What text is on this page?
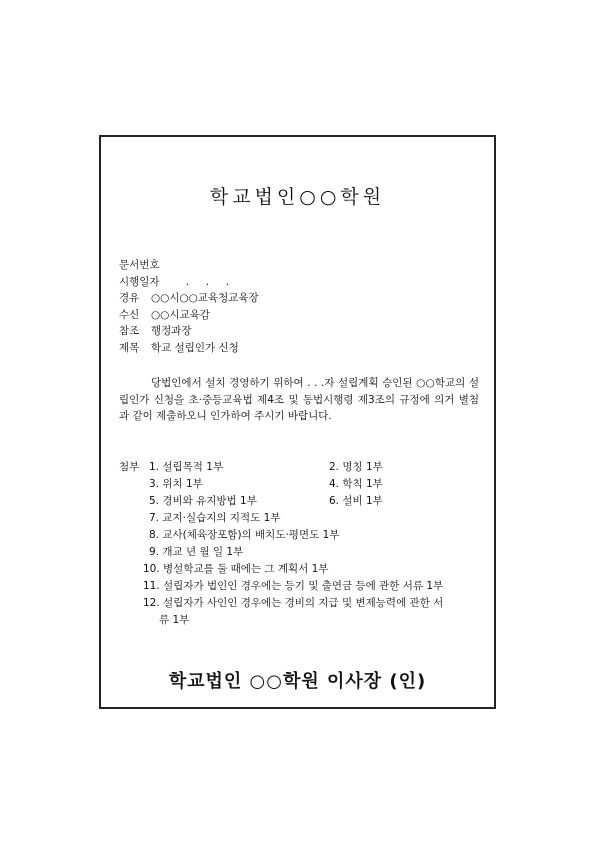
학교법인○○학원
문서번호
시행일자     .     .     .
경유 ○○시○○교육청교육장
수신 ○○시교육감
참조 행정과장
제목 학교 설립인가 신청
당법인에서 설치 경영하기 위하여 . . .자 설립계획 승인된 ○○학교의 설립인가 신청을 초·중등교육법 제4조 및 동법시행령 제3조의 규정에 의거 별첨과 같이 제출하오니 인가하여 주시기 바랍니다.
첨부 1. 설립목적 1부	2. 명칭 1부
3. 위치 1부	4. 학칙 1부
5. 경비와 유지방법 1부	6. 설비 1부
7. 교지·실습지의 지적도 1부
8. 교사(체육장포함)의 배치도·평면도 1부
9. 개교 년 월 일 1부
10. 병설학교를 둘 때에는 그 계획서 1부
11. 설립자가 법인인 경우에는 등기 및 출연금 등에 관한 서류 1부
12. 설립자가 사인인 경우에는 경비의 지급 및 변제능력에 관한 서류 1부
학교법인 ○○학원 이사장 (인)
